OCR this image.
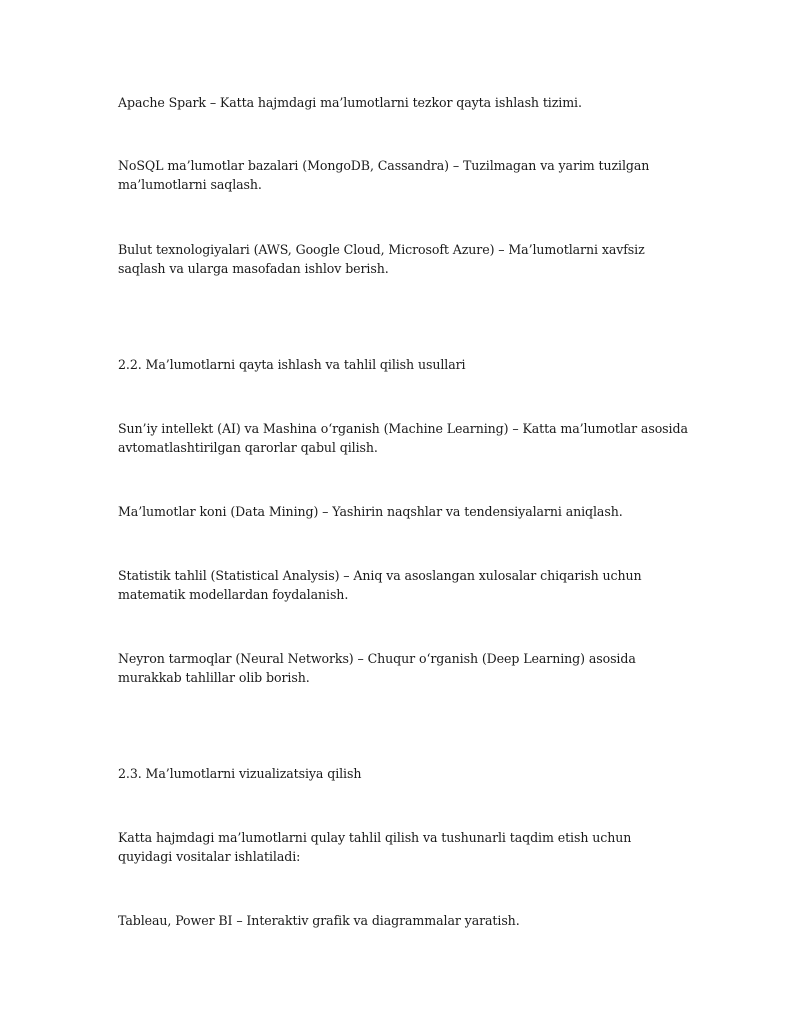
Apache Spark – Katta hajmdagi ma’lumotlarni tezkor qayta ishlash tizimi.

NoSQL ma’lumotlar bazalari (MongoDB, Cassandra) – Tuzilmagan va yarim tuzilgan ma’lumotlarni saqlash.

Bulut texnologiyalari (AWS, Google Cloud, Microsoft Azure) – Ma’lumotlarni xavfsiz saqlash va ularga masofadan ishlov berish.

2.2. Ma’lumotlarni qayta ishlash va tahlil qilish usullari

Sun’iy intellekt (AI) va Mashina o‘rganish (Machine Learning) – Katta ma’lumotlar asosida avtomatlashtirilgan qarorlar qabul qilish.

Ma’lumotlar koni (Data Mining) – Yashirin naqshlar va tendensiyalarni aniqlash.

Statistik tahlil (Statistical Analysis) – Aniq va asoslangan xulosalar chiqarish uchun matematik modellardan foydalanish.

Neyron tarmoqlar (Neural Networks) – Chuqur o‘rganish (Deep Learning) asosida murakkab tahlillar olib borish.

2.3. Ma’lumotlarni vizualizatsiya qilish

Katta hajmdagi ma’lumotlarni qulay tahlil qilish va tushunarli taqdim etish uchun quyidagi vositalar ishlatiladi:

Tableau, Power BI – Interaktiv grafik va diagrammalar yaratish.
